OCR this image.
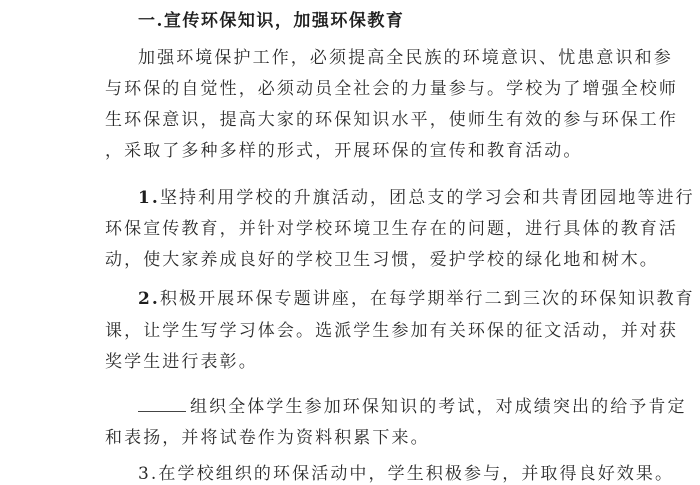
一.宣传环保知识，加强环保教育
加强环境保护工作，必须提高全民族的环境意识、忧患意识和参
与环保的自觉性，必须动员全社会的力量参与。学校为了增强全校师
生环保意识，提高大家的环保知识水平，使师生有效的参与环保工作
，采取了多种多样的形式，开展环保的宣传和教育活动。
1.坚持利用学校的升旗活动，团总支的学习会和共青团园地等进行
环保宣传教育，并针对学校环境卫生存在的问题，进行具体的教育活
动，使大家养成良好的学校卫生习惯，爱护学校的绿化地和树木。
2.积极开展环保专题讲座，在每学期举行二到三次的环保知识教育
课，让学生写学习体会。选派学生参加有关环保的征文活动，并对获
奖学生进行表彰。
组织全体学生参加环保知识的考试，对成绩突出的给予肯定
和表扬，并将试卷作为资料积累下来。
3.在学校组织的环保活动中，学生积极参与，并取得良好效果。
